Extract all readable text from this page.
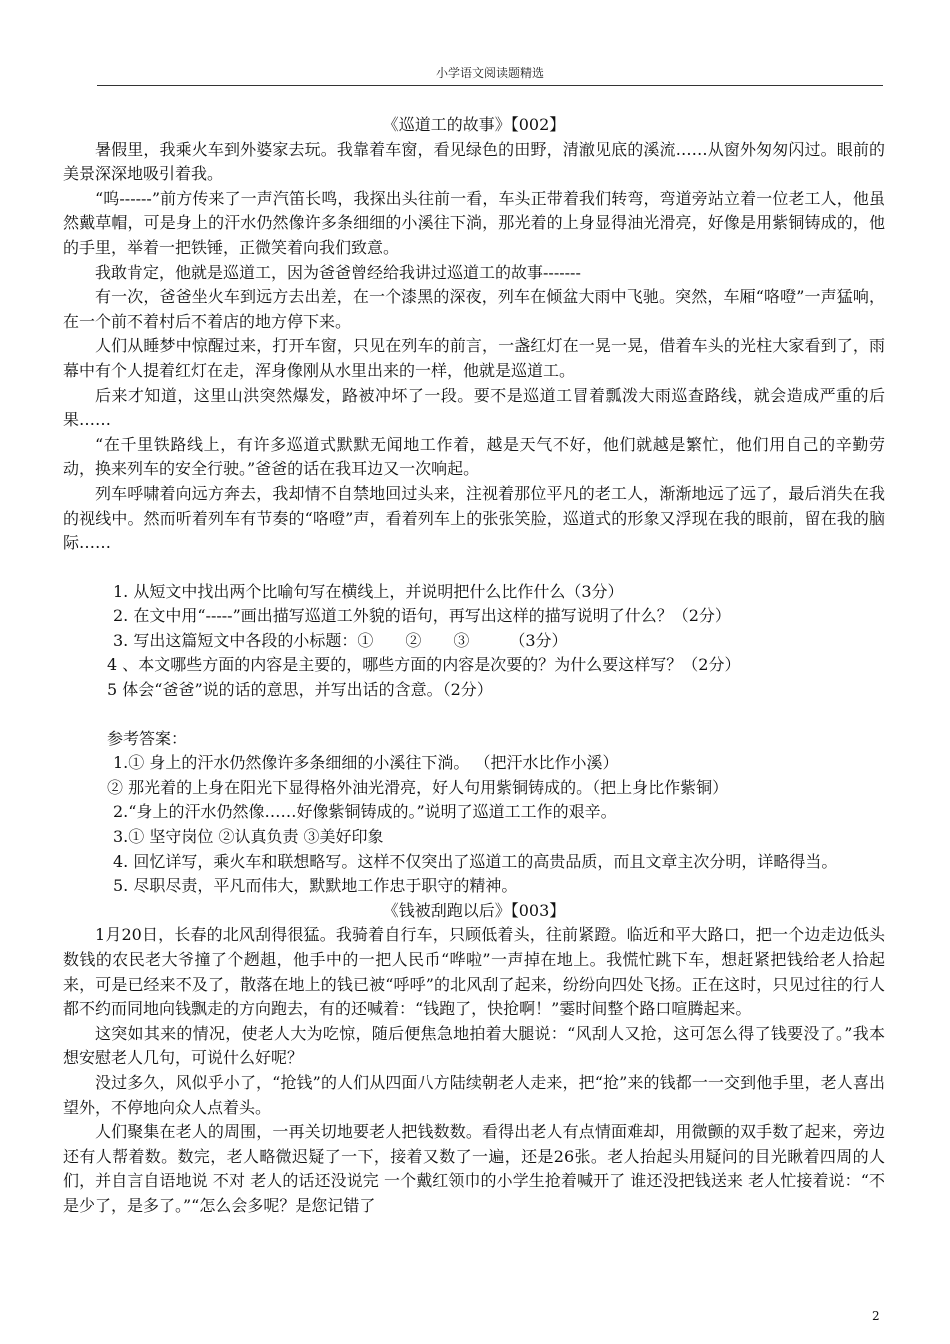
小学语文阅读题精选

《巡道工的故事》【002】

暑假里，我乘火车到外婆家去玩。我靠着车窗，看见绿色的田野，清澈见底的溪流……从窗外匆匆闪过。眼前的美景深深地吸引着我。

“呜------”前方传来了一声汽笛长鸣，我探出头往前一看，车头正带着我们转弯，弯道旁站立着一位老工人，他虽然戴草帽，可是身上的汗水仍然像许多条细细的小溪往下淌，那光着的上身显得油光滑亮，好像是用紫铜铸成的，他的手里，举着一把铁锤，正微笑着向我们致意。

我敢肯定，他就是巡道工，因为爸爸曾经给我讲过巡道工的故事-------

有一次，爸爸坐火车到远方去出差，在一个漆黑的深夜，列车在倾盆大雨中飞驰。突然，车厢“咯噔”一声猛响，在一个前不着村后不着店的地方停下来。

人们从睡梦中惊醒过来，打开车窗，只见在列车的前言，一盏红灯在一晃一晃，借着车头的光柱大家看到了，雨幕中有个人提着红灯在走，浑身像刚从水里出来的一样，他就是巡道工。

后来才知道，这里山洪突然爆发，路被冲坏了一段。要不是巡道工冒着瓢泼大雨巡查路线，就会造成严重的后果……

“在千里铁路线上，有许多巡道式默默无闻地工作着，越是天气不好，他们就越是繁忙，他们用自己的辛勤劳动，换来列车的安全行驶。”爸爸的话在我耳边又一次响起。

列车呼啸着向远方奔去，我却情不自禁地回过头来，注视着那位平凡的老工人，渐渐地远了远了，最后消失在我的视线中。然而听着列车有节奏的“咯噔”声，看着列车上的张张笑脸，巡道式的形象又浮现在我的眼前，留在我的脑际……

1. 从短文中找出两个比喻句写在横线上，并说明把什么比作什么（3分）

2. 在文中用“-----”画出描写巡道工外貌的语句，再写出这样的描写说明了什么？（2分）

3. 写出这篇短文中各段的小标题：①　　②　　③　　　（3分）

4 、本文哪些方面的内容是主要的，哪些方面的内容是次要的？为什么要这样写？（2分）

5 体会“爸爸”说的话的意思，并写出话的含意。（2分）

参考答案：

1.① 身上的汗水仍然像许多条细细的小溪往下淌。 （把汗水比作小溪）

② 那光着的上身在阳光下显得格外油光滑亮，好人句用紫铜铸成的。（把上身比作紫铜）

2.“身上的汗水仍然像……好像紫铜铸成的。”说明了巡道工工作的艰辛。

3.① 坚守岗位 ②认真负责 ③美好印象

4. 回忆详写，乘火车和联想略写。这样不仅突出了巡道工的高贵品质，而且文章主次分明，详略得当。

5. 尽职尽责，平凡而伟大，默默地工作忠于职守的精神。

《钱被刮跑以后》【003】

1月20日，长春的北风刮得很猛。我骑着自行车，只顾低着头，往前紧蹬。临近和平大路口，把一个边走边低头数钱的农民老大爷撞了个趔趄，他手中的一把人民币“哗啦”一声掉在地上。我慌忙跳下车，想赶紧把钱给老人拾起来，可是已经来不及了，散落在地上的钱已被“呼呼”的北风刮了起来，纷纷向四处飞扬。正在这时，只见过往的行人都不约而同地向钱飘走的方向跑去，有的还喊着：“钱跑了，快抢啊！”霎时间整个路口喧腾起来。

这突如其来的情况，使老人大为吃惊，随后便焦急地拍着大腿说：“风刮人又抢，这可怎么得了钱要没了。”我本想安慰老人几句，可说什么好呢？

没过多久，风似乎小了，“抢钱”的人们从四面八方陆续朝老人走来，把“抢”来的钱都一一交到他手里，老人喜出望外，不停地向众人点着头。

人们聚集在老人的周围，一再关切地要老人把钱数数。看得出老人有点情面难却，用微颤的双手数了起来，旁边还有人帮着数。数完，老人略微迟疑了一下，接着又数了一遍，还是26张。老人抬起头用疑问的目光瞅着四周的人们，并自言自语地说 不对 老人的话还没说完 一个戴红领巾的小学生抢着喊开了 谁还没把钱送来 老人忙接着说：“不是少了，是多了。”“怎么会多呢？是您记错了

2
